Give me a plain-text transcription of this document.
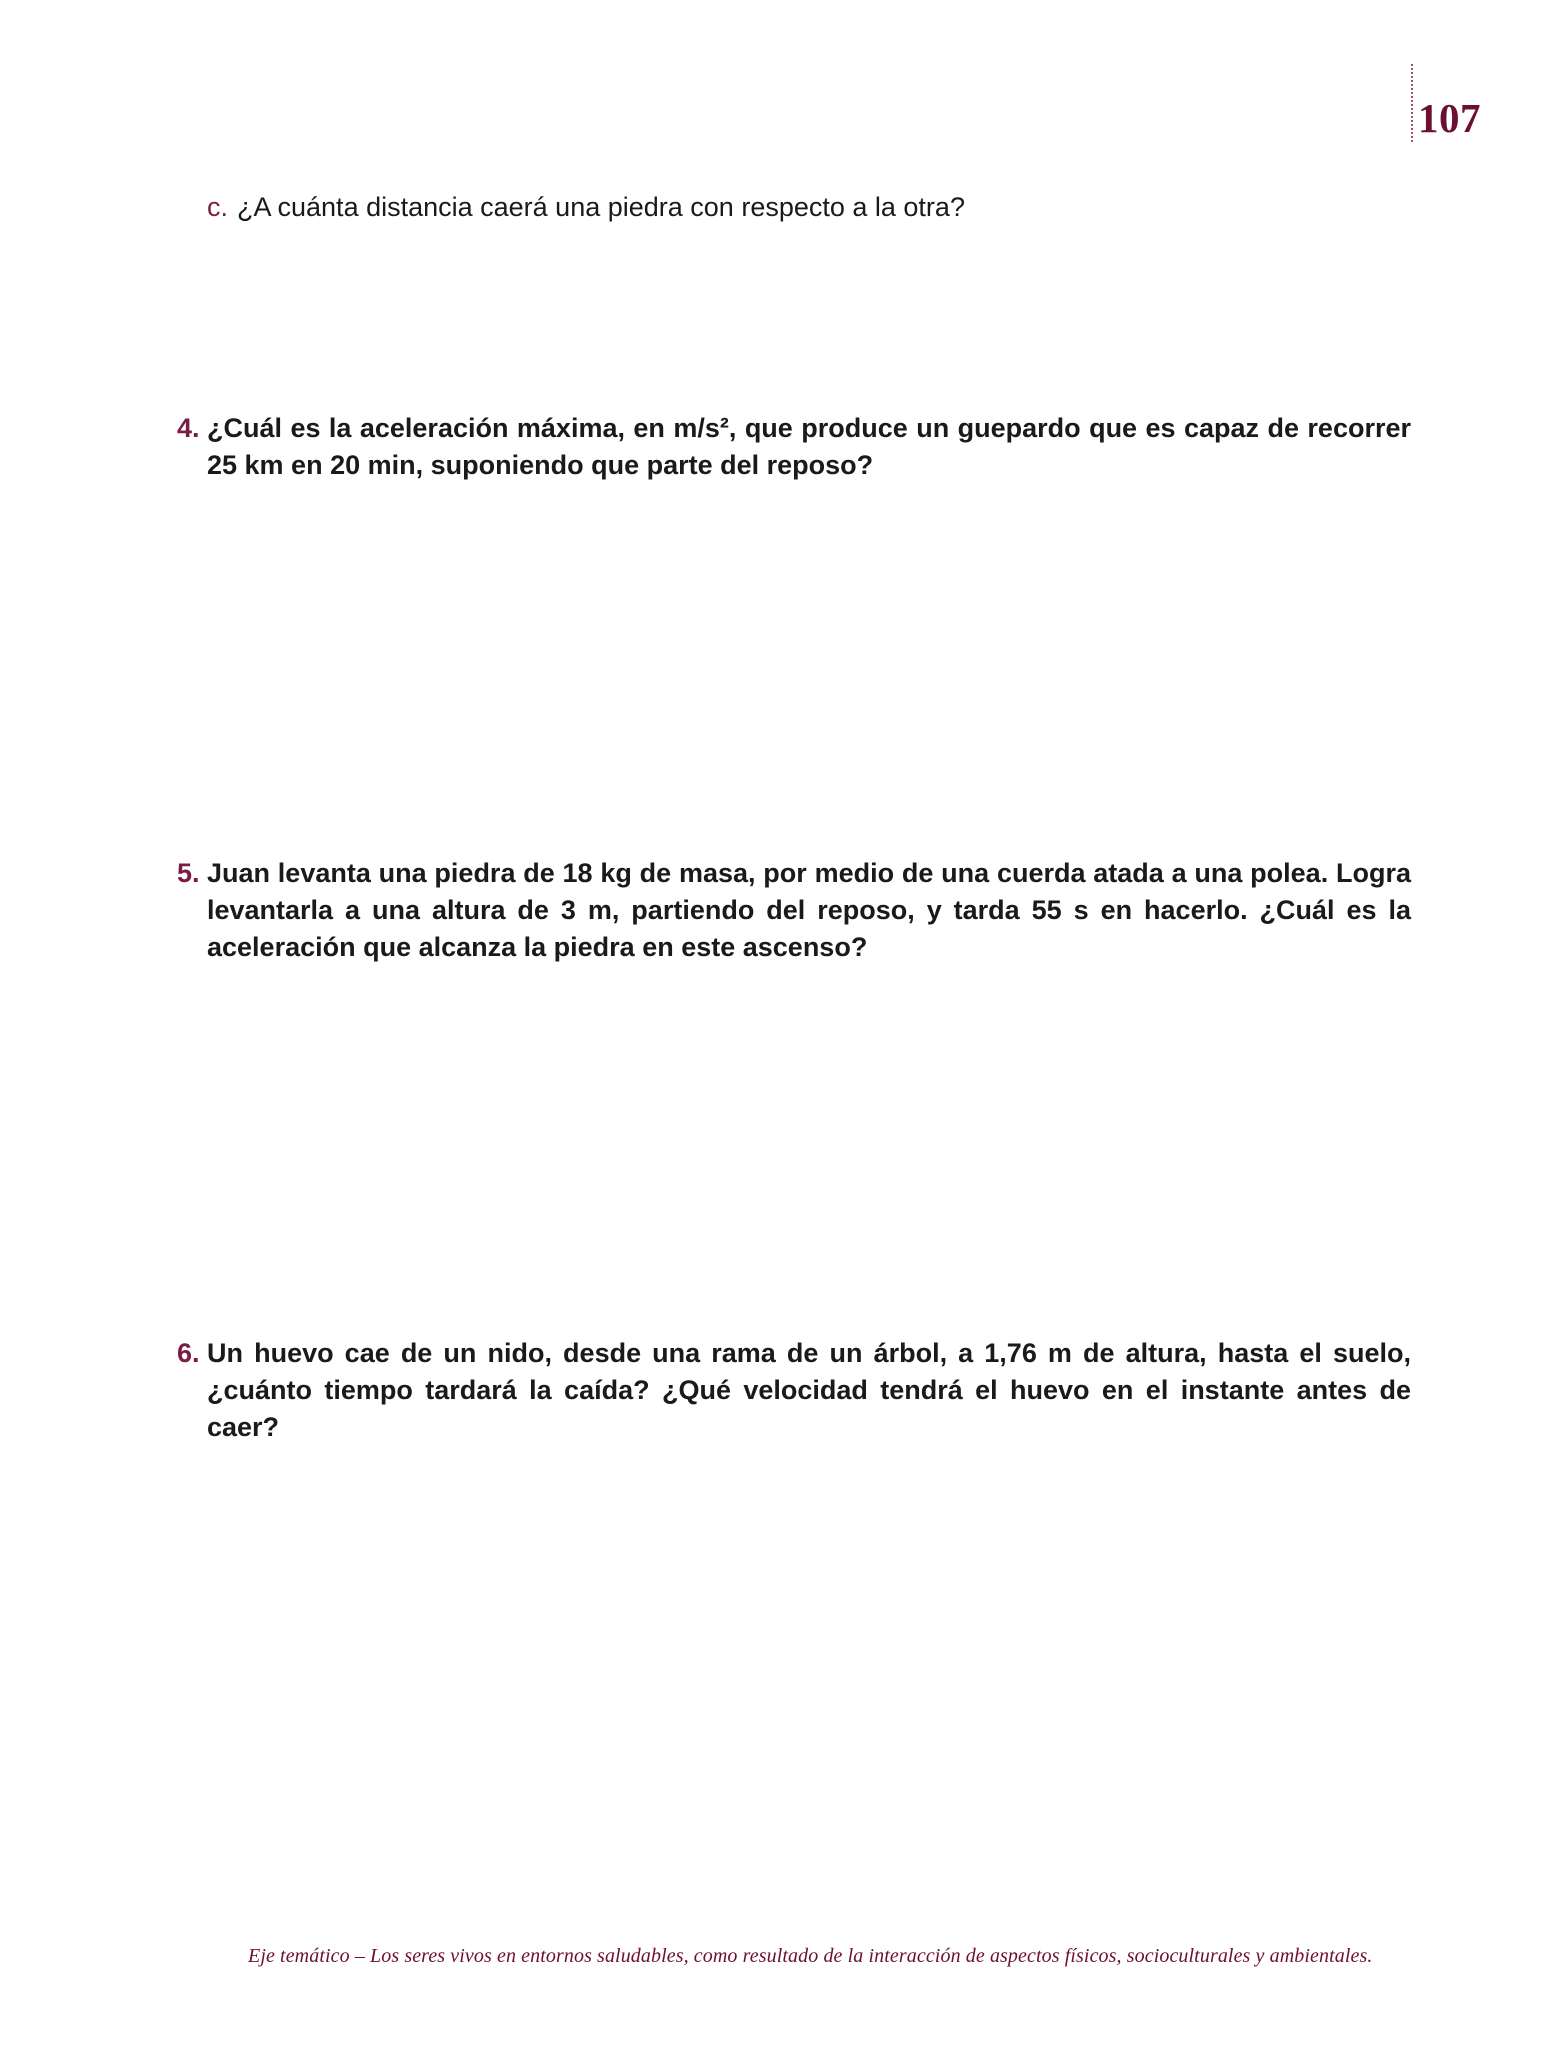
107
c. ¿A cuánta distancia caerá una piedra con respecto a la otra?
4. ¿Cuál es la aceleración máxima, en m/s², que produce un guepardo que es capaz de recorrer 25 km en 20 min, suponiendo que parte del reposo?
5. Juan levanta una piedra de 18 kg de masa, por medio de una cuerda atada a una polea. Logra levantarla a una altura de 3 m, partiendo del reposo, y tarda 55 s en hacerlo. ¿Cuál es la aceleración que alcanza la piedra en este ascenso?
6. Un huevo cae de un nido, desde una rama de un árbol, a 1,76 m de altura, hasta el suelo, ¿cuánto tiempo tardará la caída? ¿Qué velocidad tendrá el huevo en el instante antes de caer?
Eje temático – Los seres vivos en entornos saludables, como resultado de la interacción de aspectos físicos, socioculturales y ambientales.
